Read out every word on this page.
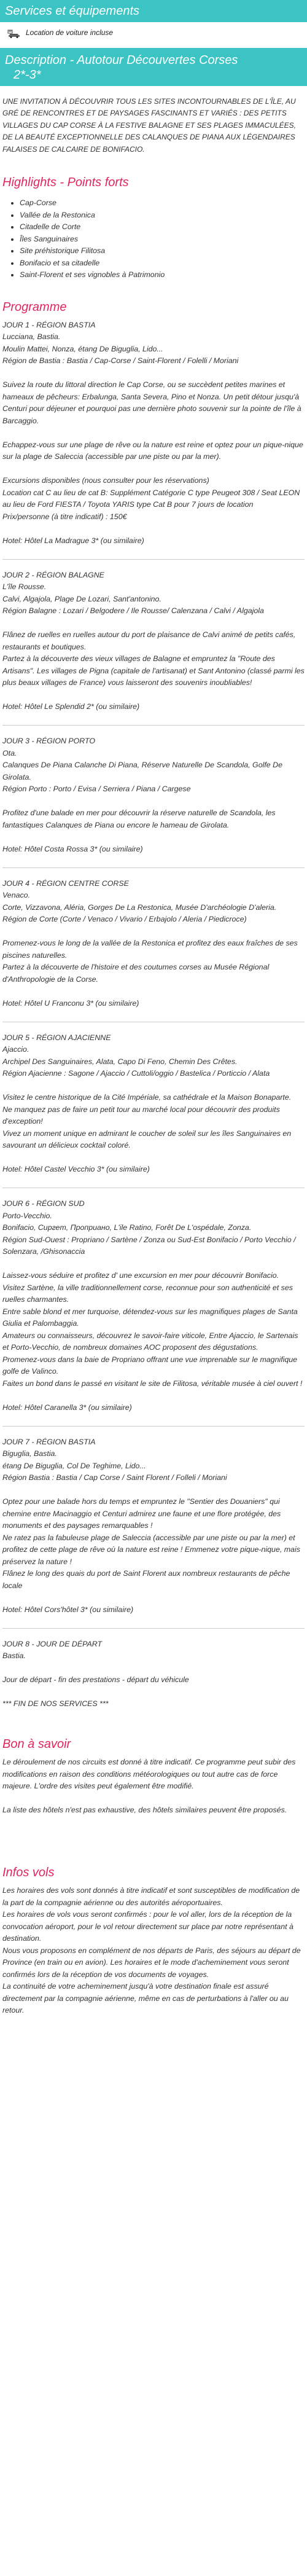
Services et équipements
Location de voiture incluse
Description - Autotour Découvertes Corses
2*-3*

UNE INVITATION À DÉCOUVRIR TOUS LES SITES INCONTOURNABLES DE L'ÎLE, AU GRÉ DE RENCONTRES ET DE PAYSAGES FASCINANTS ET VARIÉS : DES PETITS VILLAGES DU CAP CORSE À LA FESTIVE BALAGNE ET SES PLAGES IMMACULÉES, DE LA BEAUTÉ EXCEPTIONNELLE DES CALANQUES DE PIANA AUX LÉGENDAIRES FALAISES DE CALCAIRE DE BONIFACIO.

Highlights - Points forts
• Cap-Corse
• Vallée de la Restonica
• Citadelle de Corte
• Îles Sanguinaires
• Site préhistorique Filitosa
• Bonifacio et sa citadelle
• Saint-Florent et ses vignobles à Patrimonio
Programme

JOUR 1 - RÉGION BASTIA
Lucciana, Bastia.
Moulin Mattei, Nonza, étang De Biguglia, Lido...
Région de Bastia : Bastia / Cap-Corse / Saint-Florent / Folelli / Moriani

Suivez la route du littoral direction le Cap Corse, ou se succèdent petites marines et hameaux de pêcheurs: Erbalunga, Santa Severa, Pino et Nonza. Un petit détour jusqu'à Centuri pour déjeuner et pourquoi pas une dernière photo souvenir sur la pointe de l'île à Barcaggio.

Echappez-vous sur une plage de rêve ou la nature est reine et optez pour un pique-nique sur la plage de Saleccia (accessible par une piste ou par la mer).

Excursions disponibles (nous consulter pour les réservations)
Location cat C au lieu de cat B: Supplément Catégorie C type Peugeot 308 / Seat LEON au lieu de Ford FIESTA / Toyota YARIS type Cat B pour 7 jours de location
Prix/personne (à titre indicatif) : 150€

Hotel: Hôtel La Madrague 3* (ou similaire)

JOUR 2 - RÉGION BALAGNE
L'île Rousse.
Calvi, Algajola, Plage De Lozari, Sant'antonino.
Région Balagne : Lozari / Belgodere / Ile Rousse/ Calenzana / Calvi / Algajola

Flânez de ruelles en ruelles autour du port de plaisance de Calvi animé de petits cafés, restaurants et boutiques.
Partez à la découverte des vieux villages de Balagne et empruntez la "Route des Artisans". Les villages de Pigna (capitale de l'artisanat) et Sant Antonino (classé parmi les plus beaux villages de France) vous laisseront des souvenirs inoubliables!

Hotel: Hôtel Le Splendid 2* (ou similaire)

JOUR 3 - RÉGION PORTO
Ota.
Calanques De Piana Calanche Di Piana, Réserve Naturelle De Scandola, Golfe De Girolata.
Région Porto : Porto / Evisa / Serriera / Piana / Cargese

Profitez d'une balade en mer pour découvrir la réserve naturelle de Scandola, les fantastiques Calanques de Piana ou encore le hameau de Girolata.

Hotel: Hôtel Costa Rossa 3* (ou similaire)

JOUR 4 - RÉGION CENTRE CORSE
Venaco.
Corte, Vizzavona, Aléria, Gorges De La Restonica, Musée D'archéologie D'aleria.
Région de Corte (Corte / Venaco / Vivario / Erbajolo / Aleria / Piedicroce)

Promenez-vous le long de la vallée de la Restonica et profitez des eaux fraîches de ses piscines naturelles.
Partez à la découverte de l'histoire et des coutumes corses au Musée Régional d'Anthropologie de la Corse.

Hotel: Hôtel U Franconu 3* (ou similaire)

JOUR 5 - RÉGION AJACIENNE
Ajaccio.
Archipel Des Sanguinaires, Alata, Capo Di Feno, Chemin Des Crêtes.
Région Ajacienne : Sagone / Ajaccio / Cuttoli/oggio / Bastelica / Porticcio / Alata

Visitez le centre historique de la Cité Impériale, sa cathédrale et la Maison Bonaparte.
Ne manquez pas de faire un petit tour au marché local pour découvrir des produits d'exception!
Vivez un moment unique en admirant le coucher de soleil sur les îles Sanguinaires en savourant un délicieux cocktail coloré.

Hotel: Hôtel Castel Vecchio 3* (ou similaire)

JOUR 6 - RÉGION SUD
Porto-Vecchio.
Bonifacio, Cиргеm, Проприано, L'ile Ratino, Forêt De L'ospédale, Zonza.
Région Sud-Ouest : Propriano / Sartène / Zonza ou Sud-Est Bonifacio / Porto Vecchio / Solenzara, /Ghisonaccia

Laissez-vous séduire et profitez d' une excursion en mer pour découvrir Bonifacio.
Visitez Sartène, la ville traditionnellement corse, reconnue pour son authenticité et ses ruelles charmantes.
Entre sable blond et mer turquoise, détendez-vous sur les magnifiques plages de Santa Giulia et Palombaggia.
Amateurs ou connaisseurs, découvrez le savoir-faire viticole, Entre Ajaccio, le Sartenais et Porto-Vecchio, de nombreux domaines AOC proposent des dégustations.
Promenez-vous dans la baie de Propriano offrant une vue imprenable sur le magnifique golfe de Valinco.
Faites un bond dans le passé en visitant le site de Filitosa, véritable musée à ciel ouvert !

Hotel: Hôtel Caranella 3* (ou similaire)

JOUR 7 - RÉGION BASTIA
Biguglia, Bastia.
étang De Biguglia, Col De Teghime, Lido...
Région Bastia : Bastia / Cap Corse / Saint Florent / Folleli / Moriani

Optez pour une balade hors du temps et empruntez le "Sentier des Douaniers" qui chemine entre Macinaggio et Centuri admirez une faune et une flore protégée, des monuments et des paysages remarquables !
Ne ratez pas la fabuleuse plage de Saleccia (accessible par une piste ou par la mer) et profitez de cette plage de rêve où la nature est reine ! Emmenez votre pique-nique, mais préservez la nature !
Flânez le long des quais du port de Saint Florent aux nombreux restaurants de pêche locale

Hotel: Hôtel Cors'hôtel 3* (ou similaire)

JOUR 8 - JOUR DE DÉPART
Bastia.

Jour de départ - fin des prestations - départ du véhicule

*** FIN DE NOS SERVICES ***

Bon à savoir

Le déroulement de nos circuits est donné à titre indicatif. Ce programme peut subir des modifications en raison des conditions météorologiques ou tout autre cas de force majeure. L'ordre des visites peut également être modifié.

La liste des hôtels n'est pas exhaustive, des hôtels similaires peuvent être proposés.

Infos vols

Les horaires des vols sont donnés à titre indicatif et sont susceptibles de modification de la part de la compagnie aérienne ou des autorités aéroportuaires.
Les horaires de vols vous seront confirmés : pour le vol aller, lors de la réception de la convocation aéroport, pour le vol retour directement sur place par notre représentant à destination.
Nous vous proposons en complément de nos départs de Paris, des séjours au départ de Province (en train ou en avion). Les horaires et le mode d'acheminement vous seront confirmés lors de la réception de vos documents de voyages.
La continuité de votre acheminement jusqu'à votre destination finale est assuré directement par la compagnie aérienne, même en cas de perturbations à l'aller ou au retour.
